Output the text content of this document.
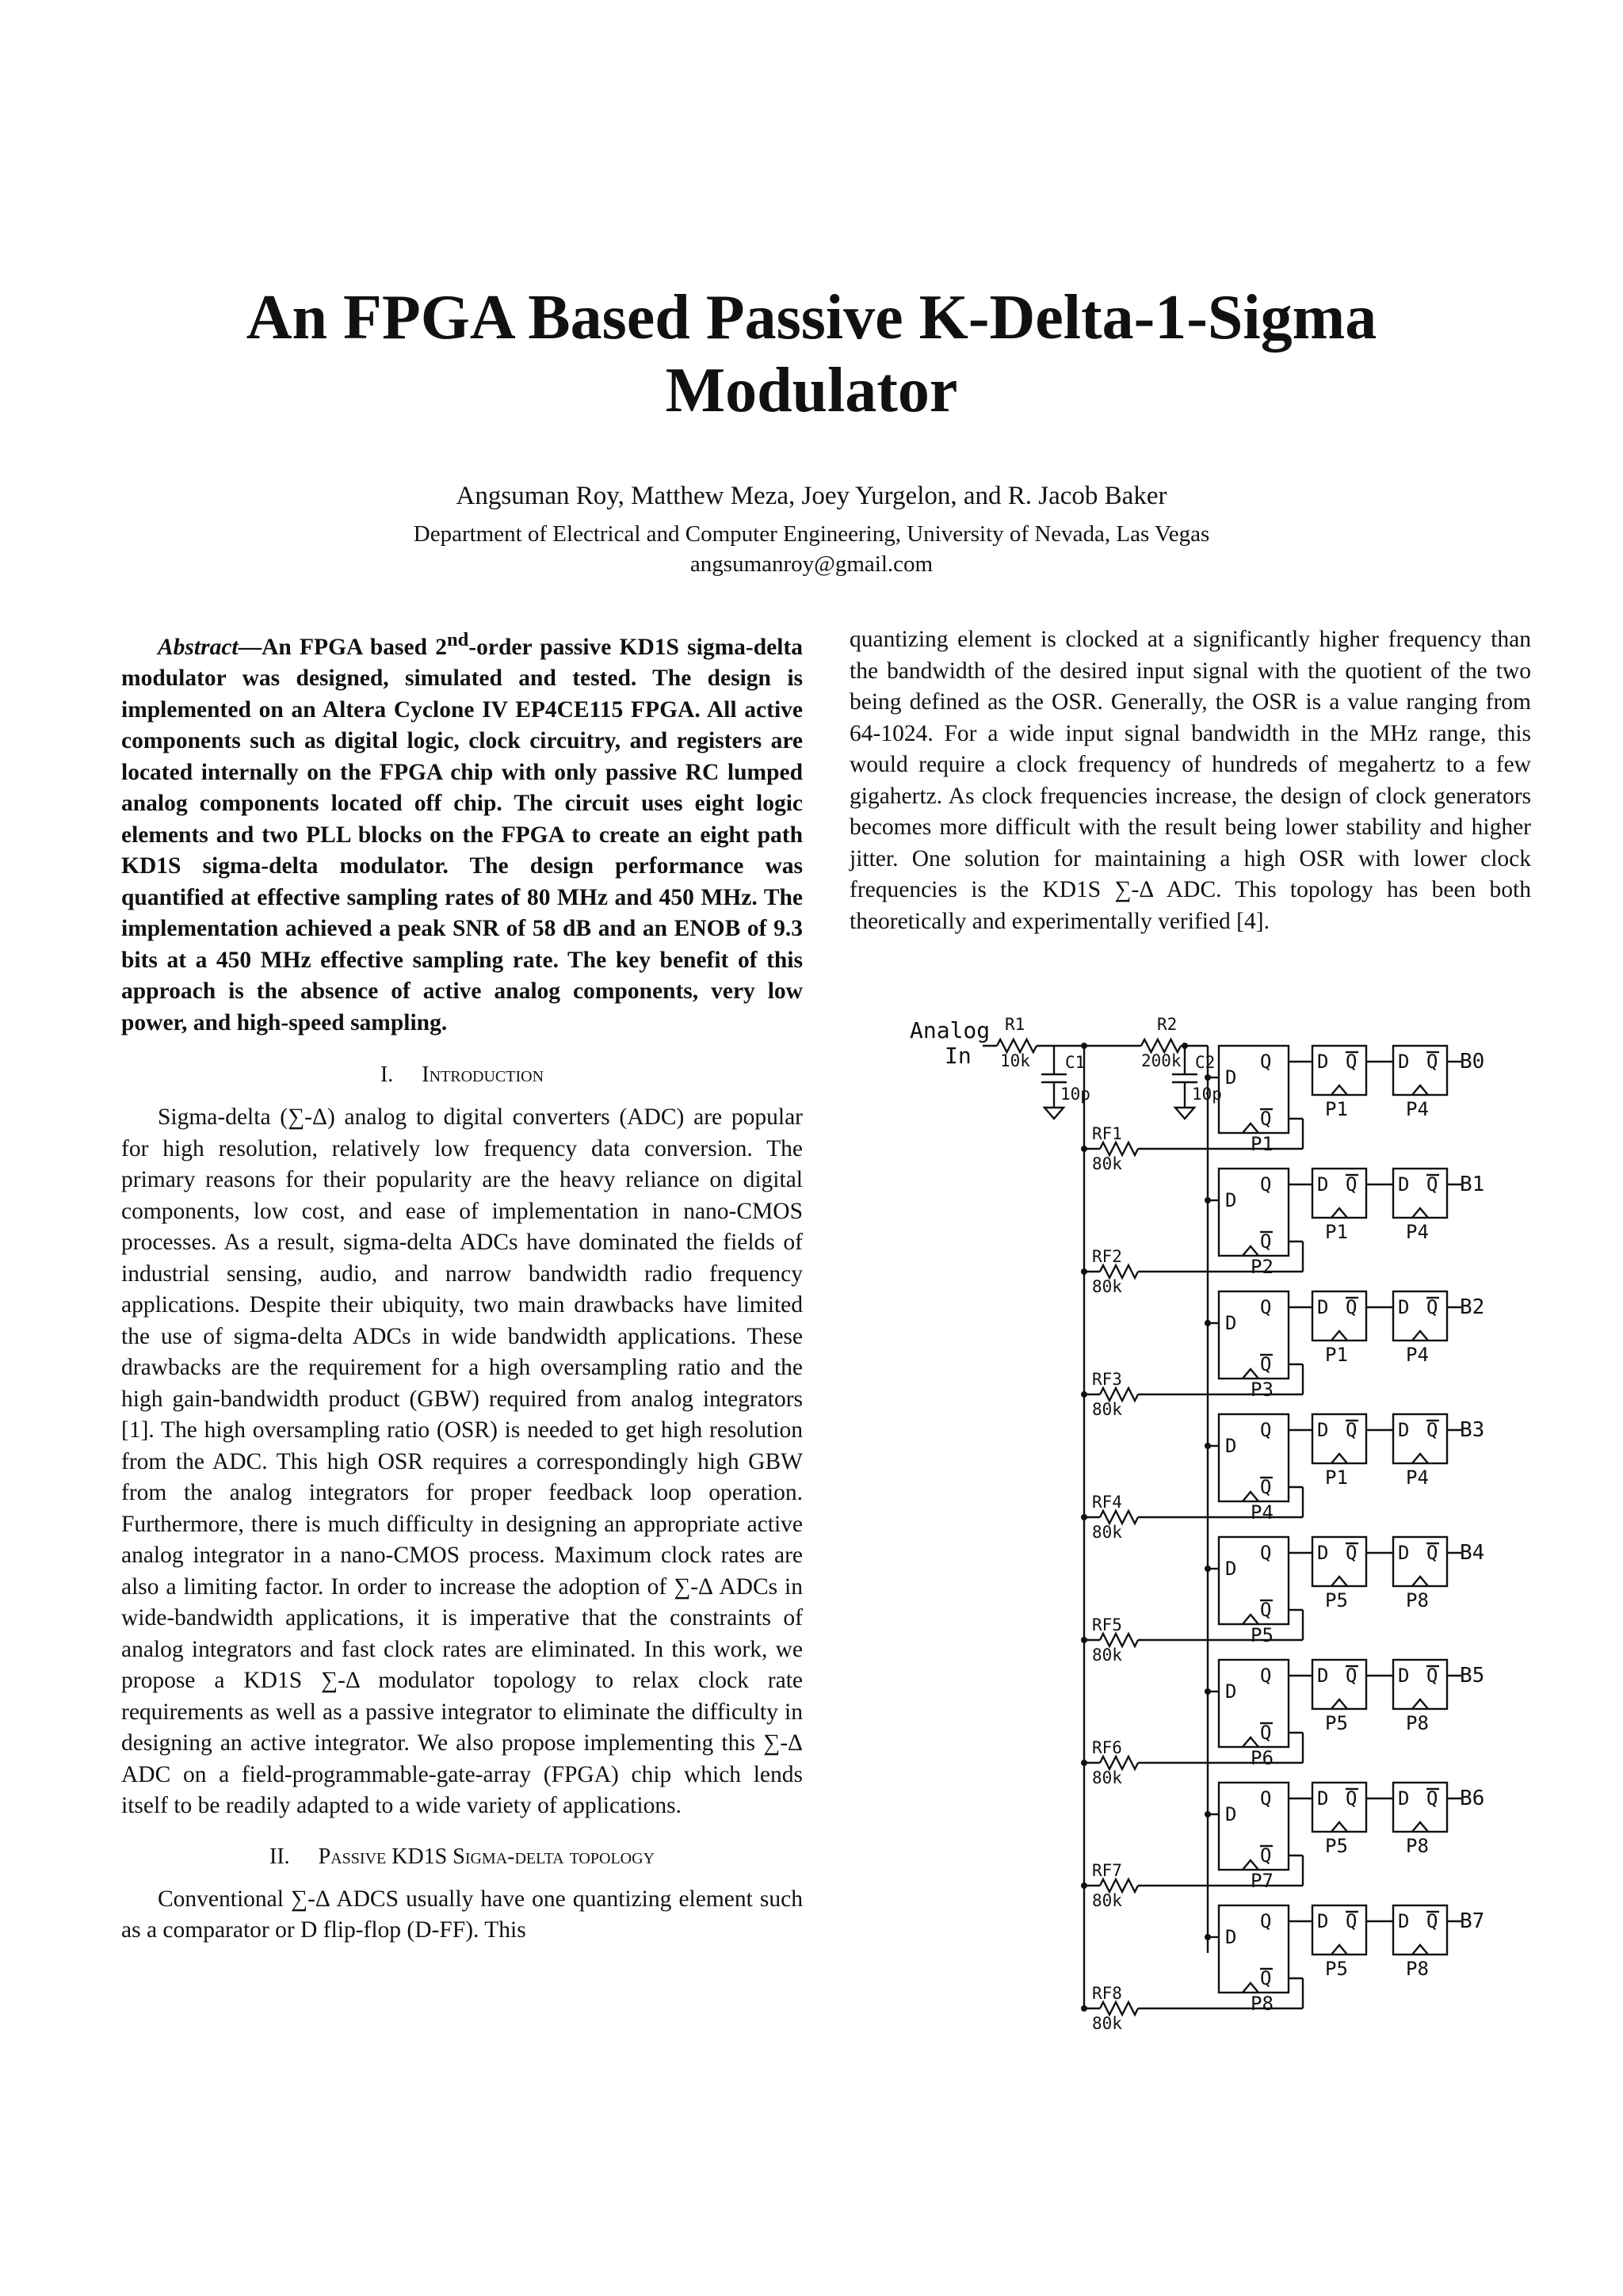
An FPGA Based Passive K-Delta-1-Sigma
Modulator
Angsuman Roy, Matthew Meza, Joey Yurgelon, and R. Jacob Baker
Department of Electrical and Computer Engineering, University of Nevada, Las Vegas
angsumanroy@gmail.com

Abstract—An FPGA based 2nd-order passive KD1S sigma-delta modulator was designed, simulated and tested. The design is implemented on an Altera Cyclone IV EP4CE115 FPGA. All active components such as digital logic, clock circuitry, and registers are located internally on the FPGA chip with only passive RC lumped analog components located off chip. The circuit uses eight logic elements and two PLL blocks on the FPGA to create an eight path KD1S sigma-delta modulator. The design performance was quantified at effective sampling rates of 80 MHz and 450 MHz. The implementation achieved a peak SNR of 58 dB and an ENOB of 9.3 bits at a 450 MHz effective sampling rate. The key benefit of this approach is the absence of active analog components, very low power, and high-speed sampling.

I. Introduction

Sigma-delta (∑-Δ) analog to digital converters (ADC) are popular for high resolution, relatively low frequency data conversion. The primary reasons for their popularity are the heavy reliance on digital components, low cost, and ease of implementation in nano-CMOS processes. As a result, sigma-delta ADCs have dominated the fields of industrial sensing, audio, and narrow bandwidth radio frequency applications. Despite their ubiquity, two main drawbacks have limited the use of sigma-delta ADCs in wide bandwidth applications. These drawbacks are the requirement for a high oversampling ratio and the high gain-bandwidth product (GBW) required from analog integrators [1]. The high oversampling ratio (OSR) is needed to get high resolution from the ADC. This high OSR requires a correspondingly high GBW from the analog integrators for proper feedback loop operation. Furthermore, there is much difficulty in designing an appropriate active analog integrator in a nano-CMOS process. Maximum clock rates are also a limiting factor. In order to increase the adoption of ∑-Δ ADCs in wide-bandwidth applications, it is imperative that the constraints of analog integrators and fast clock rates are eliminated. In this work, we propose a KD1S ∑-Δ modulator topology to relax clock rate requirements as well as a passive integrator to eliminate the difficulty in designing an active integrator. We also propose implementing this ∑-Δ ADC on a field-programmable-gate-array (FPGA) chip which lends itself to be readily adapted to a wide variety of applications.

II. Passive KD1S Sigma-delta topology

Conventional ∑-Δ ADCS usually have one quantizing element such as a comparator or D flip-flop (D-FF). This

quantizing element is clocked at a significantly higher frequency than the bandwidth of the desired input signal with the quotient of the two being defined as the OSR. Generally, the OSR is a value ranging from 64-1024. For a wide input signal bandwidth in the MHz range, this would require a clock frequency of hundreds of megahertz to a few gigahertz. As clock frequencies increase, the design of clock generators becomes more difficult with the result being lower stability and higher jitter. One solution for maintaining a high OSR with lower clock frequencies is the KD1S ∑-Δ ADC. This topology has been both theoretically and experimentally verified [4].

Analog
In
R1
10k C1
10p
R2
200k C2
10p
D
Q
Q
P1
RF1
80k
D Q
P1
D Q
P4
B0
D
Q
Q
P2
RF2
80k
D Q
P1
D Q
P4
B1
D
Q
Q
P3
RF3
80k
D Q
P1
D Q
P4
B2
D
Q
Q
P4
RF4
80k
D Q
P1
D Q
P4
B3
D
Q
Q
P5
RF5
80k
D Q
P5
D Q
P8
B4
D
Q
Q
P6
RF6
80k
D Q
P5
D Q
P8
B5
D
Q
Q
P7
RF7
80k
D Q
P5
D Q
P8
B6
D
Q
Q
P8
RF8
80k
D Q
P5
D Q
P8
B7
